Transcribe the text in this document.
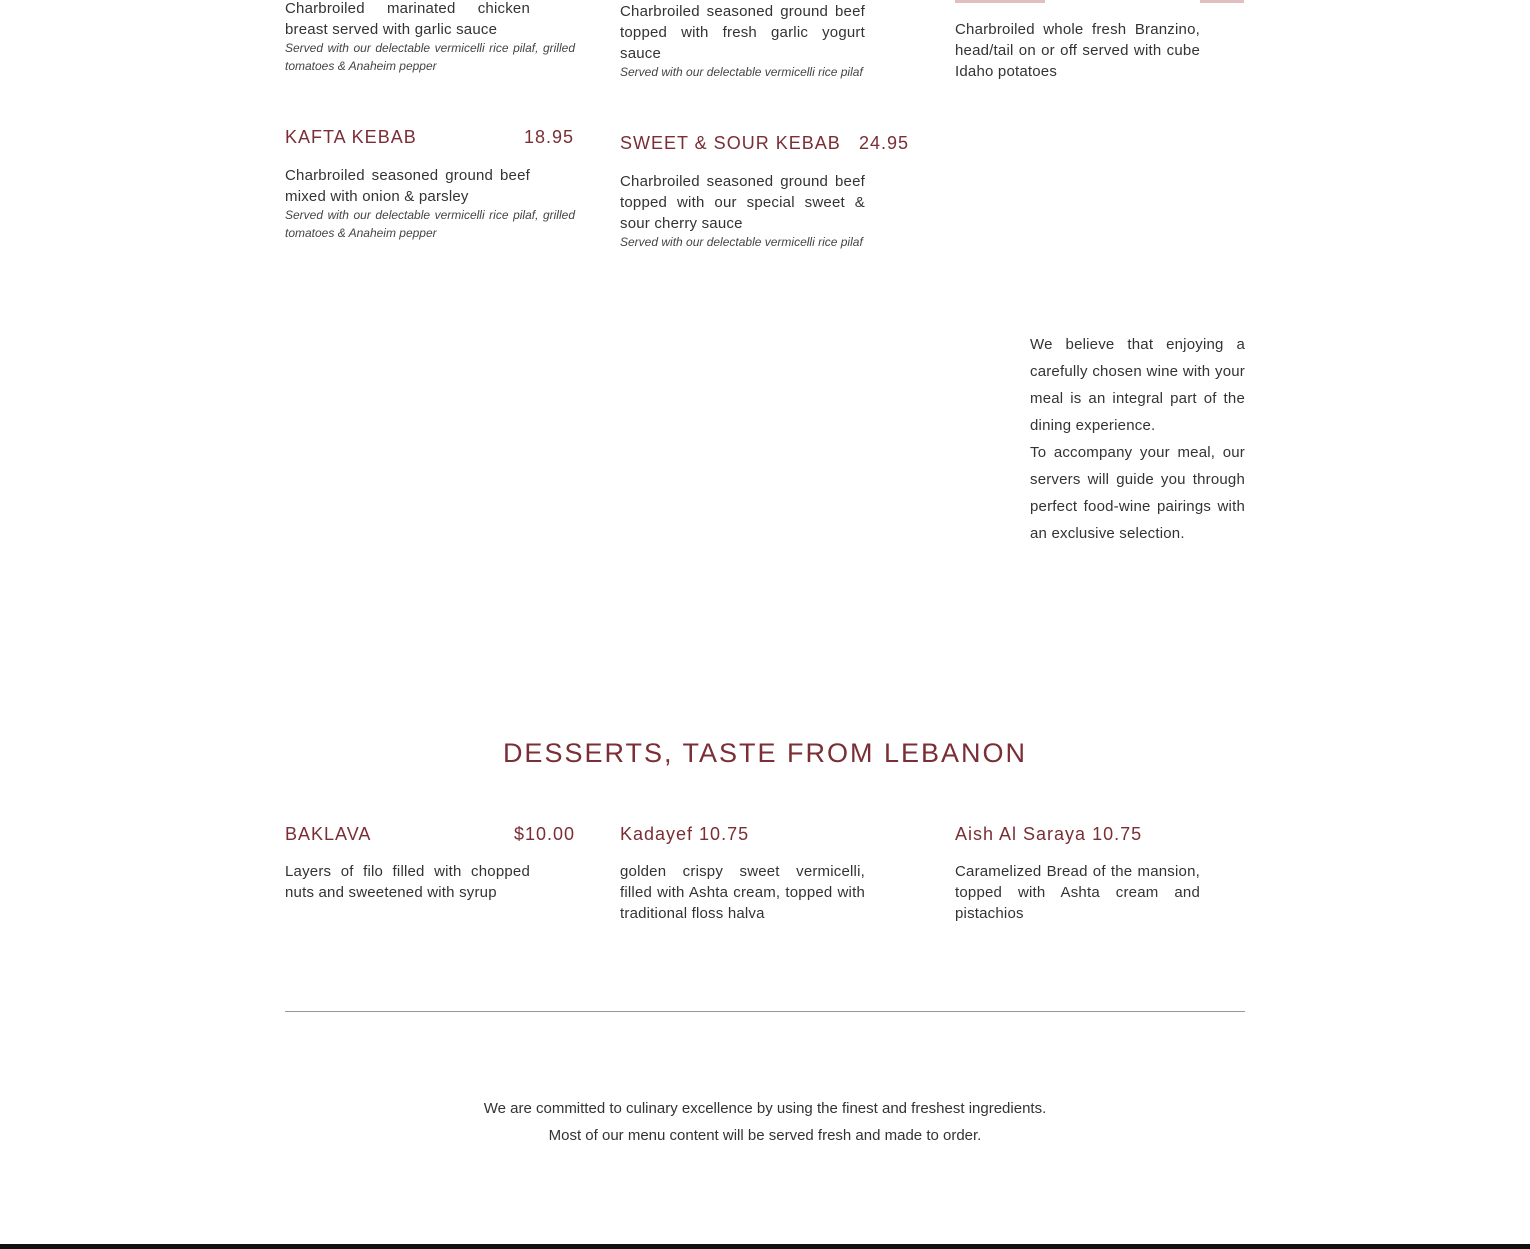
Charbroiled marinated chicken breast served with garlic sauce
Served with our delectable vermicelli rice pilaf, grilled tomatoes & Anaheim pepper
Charbroiled seasoned ground beef topped with fresh garlic yogurt sauce
Served with our delectable vermicelli rice pilaf
Charbroiled whole fresh Branzino, head/tail on or off served with cube Idaho potatoes
KAFTA KEBAB	18.95
Charbroiled seasoned ground beef mixed with onion & parsley
Served with our delectable vermicelli rice pilaf, grilled tomatoes & Anaheim pepper
SWEET & SOUR KEBAB	24.95
Charbroiled seasoned ground beef topped with our special sweet & sour cherry sauce
Served with our delectable vermicelli rice pilaf
We believe that enjoying a carefully chosen wine with your meal is an integral part of the dining experience.
To accompany your meal, our servers will guide you through perfect food-wine pairings with an exclusive selection.
DESSERTS, TASTE FROM LEBANON
BAKLAVA	$10.00
Layers of filo filled with chopped nuts and sweetened with syrup
Kadayef 10.75
golden crispy sweet vermicelli, filled with Ashta cream, topped with traditional floss halva
Aish Al Saraya 10.75
Caramelized Bread of the mansion, topped with Ashta cream and pistachios
We are committed to culinary excellence by using the finest and freshest ingredients.
Most of our menu content will be served fresh and made to order.
